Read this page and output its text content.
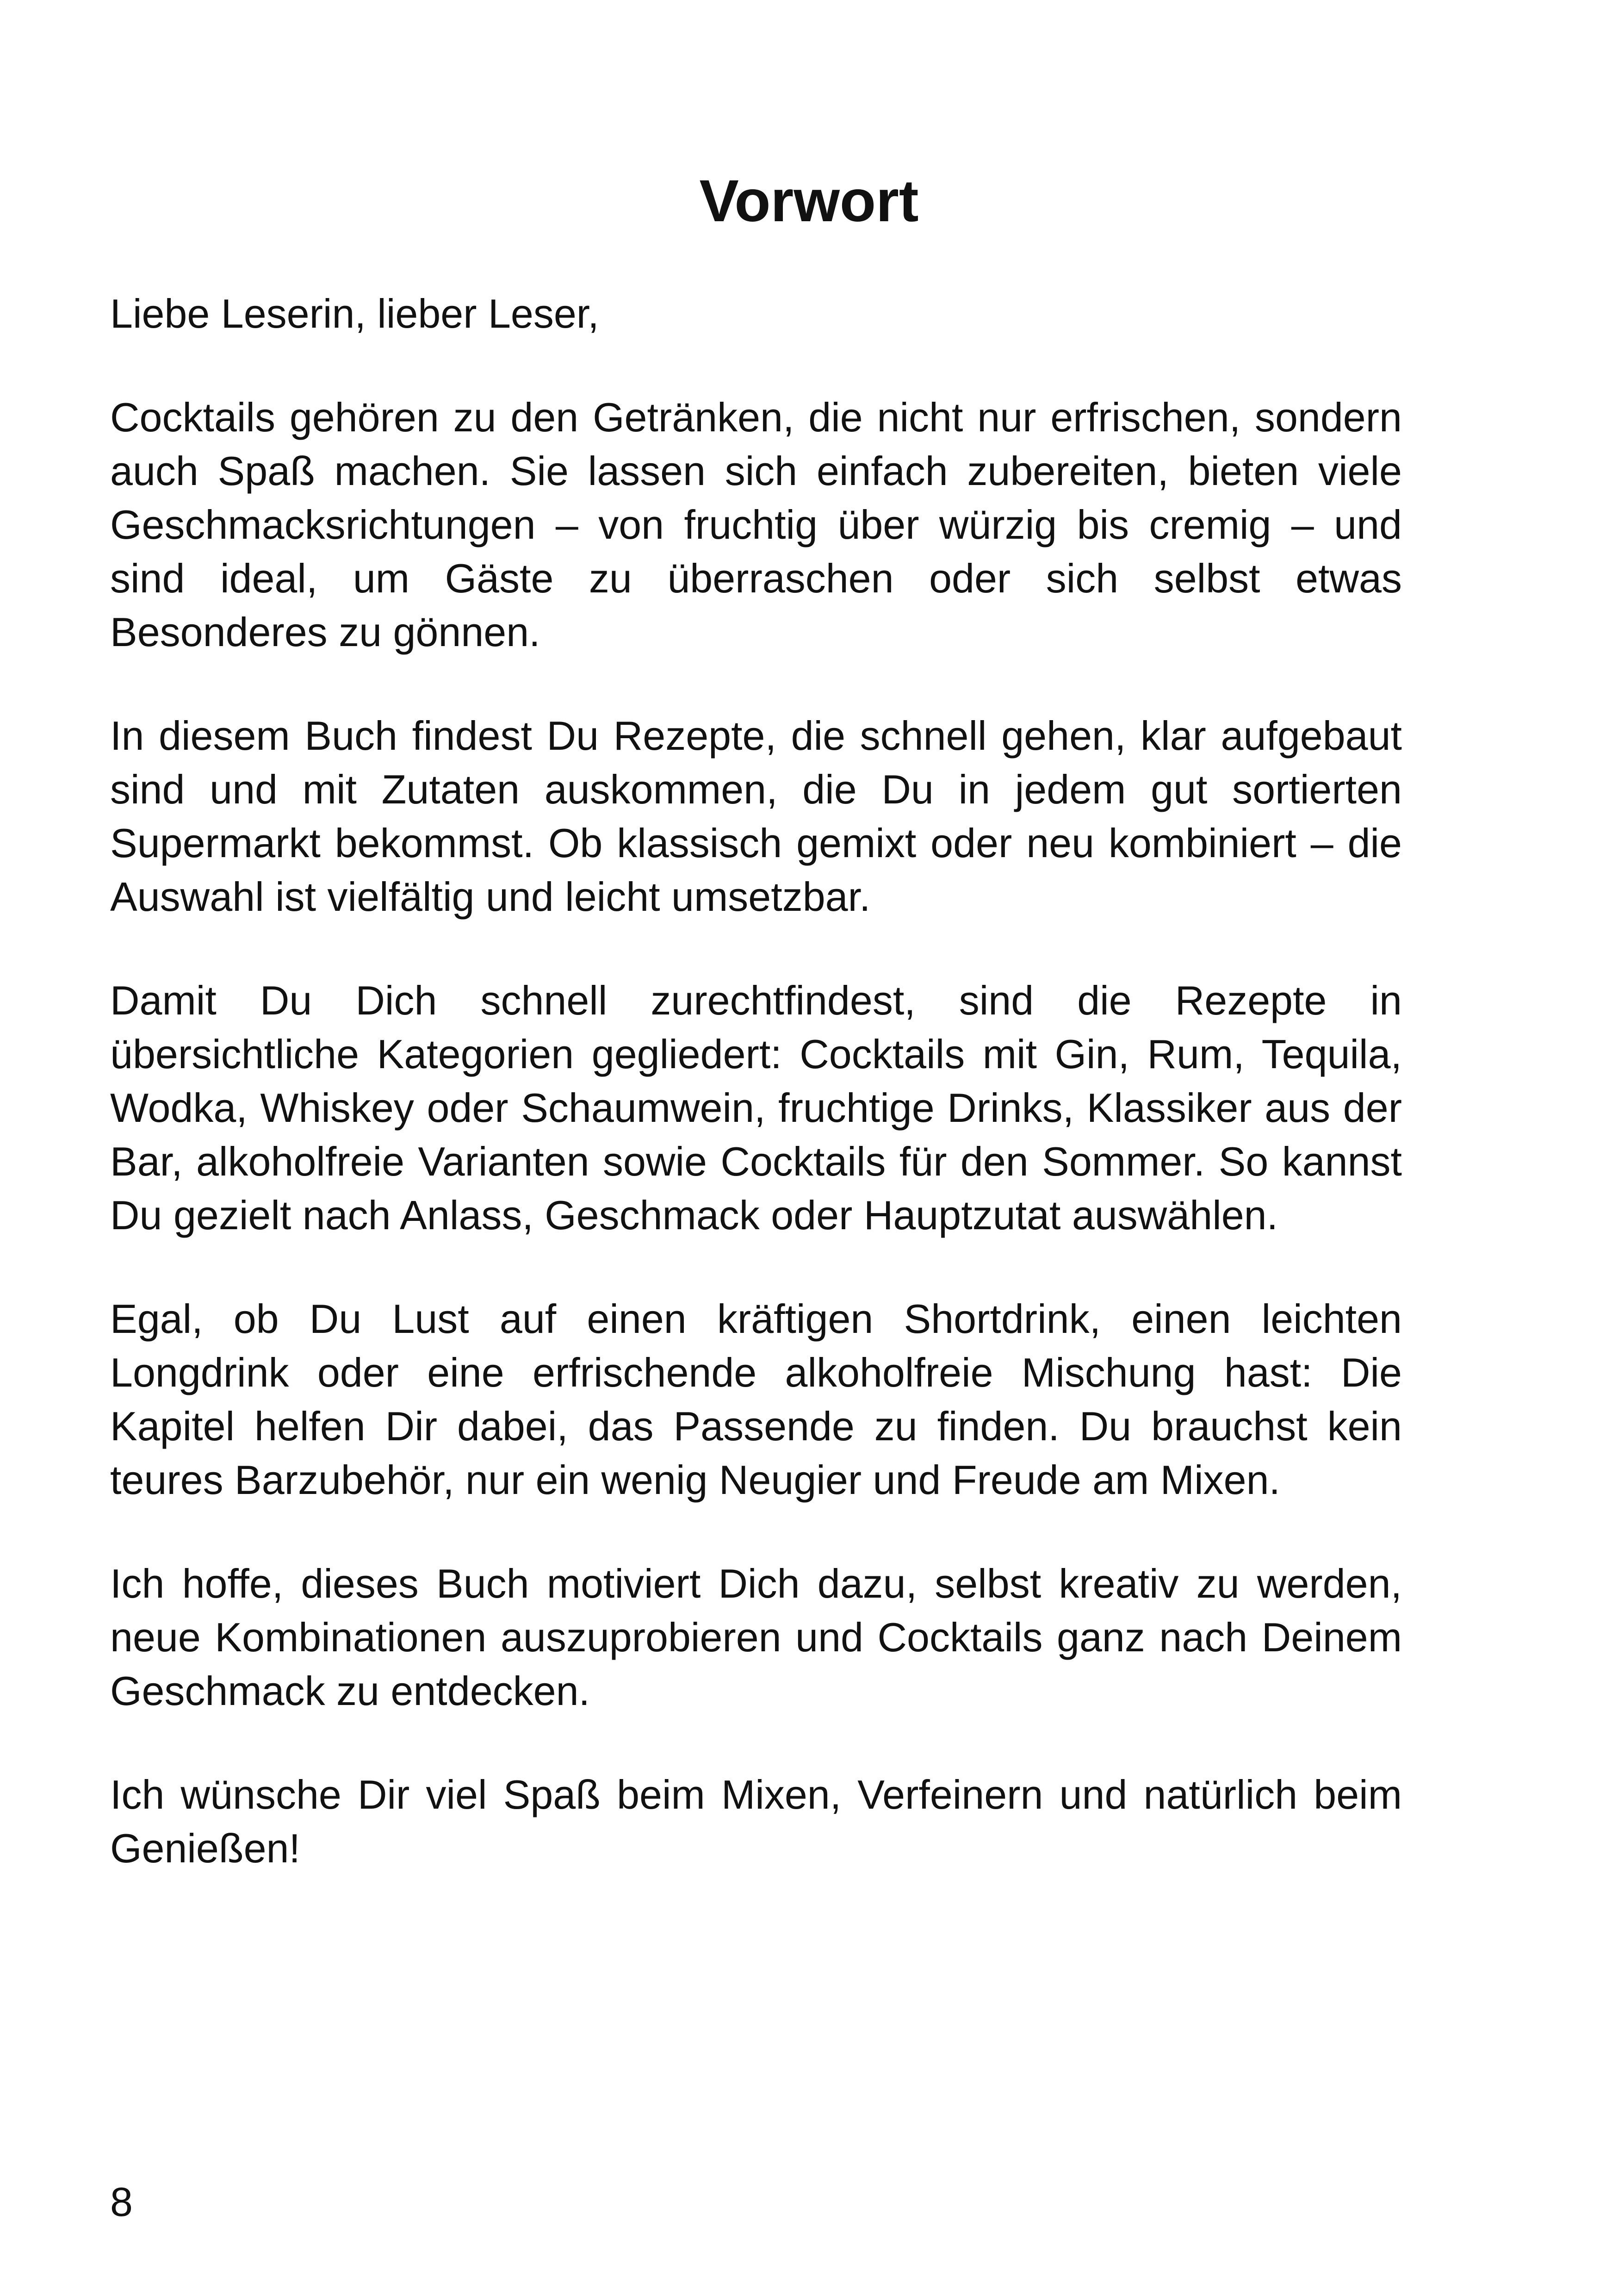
Vorwort

Liebe Leserin, lieber Leser,

Cocktails gehören zu den Getränken, die nicht nur erfrischen, sondern auch Spaß machen. Sie lassen sich einfach zubereiten, bieten viele Geschmacksrichtungen – von fruchtig über würzig bis cremig – und sind ideal, um Gäste zu überraschen oder sich selbst etwas Besonderes zu gönnen.

In diesem Buch findest Du Rezepte, die schnell gehen, klar aufgebaut sind und mit Zutaten auskommen, die Du in jedem gut sortierten Supermarkt bekommst. Ob klassisch gemixt oder neu kombiniert – die Auswahl ist vielfältig und leicht umsetzbar.

Damit Du Dich schnell zurechtfindest, sind die Rezepte in übersichtliche Kategorien gegliedert: Cocktails mit Gin, Rum, Tequila, Wodka, Whiskey oder Schaumwein, fruchtige Drinks, Klassiker aus der Bar, alkoholfreie Varianten sowie Cocktails für den Sommer. So kannst Du gezielt nach Anlass, Geschmack oder Hauptzutat auswählen.

Egal, ob Du Lust auf einen kräftigen Shortdrink, einen leichten Longdrink oder eine erfrischende alkoholfreie Mischung hast: Die Kapitel helfen Dir dabei, das Passende zu finden. Du brauchst kein teures Barzubehör, nur ein wenig Neugier und Freude am Mixen.

Ich hoffe, dieses Buch motiviert Dich dazu, selbst kreativ zu werden, neue Kombinationen auszuprobieren und Cocktails ganz nach Deinem Geschmack zu entdecken.

Ich wünsche Dir viel Spaß beim Mixen, Verfeinern und natürlich beim Genießen!

8
